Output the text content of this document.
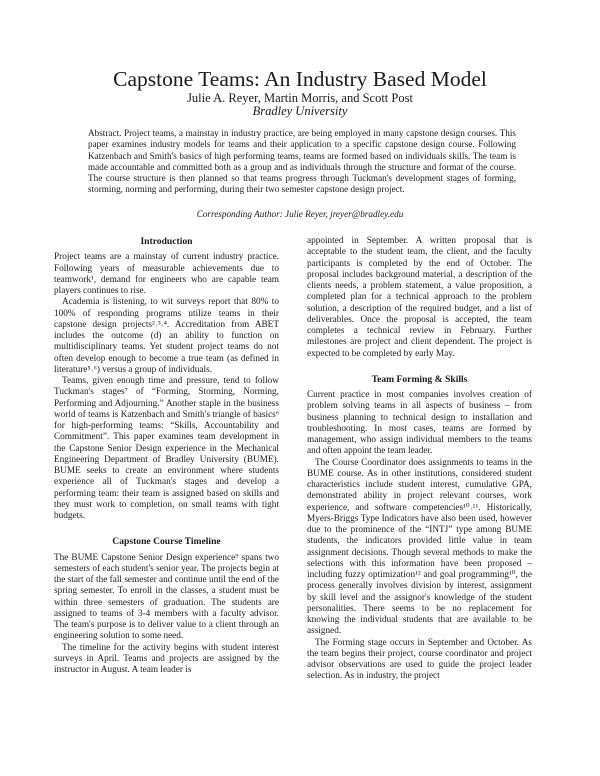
Capstone Teams: An Industry Based Model
Julie A. Reyer, Martin Morris, and Scott Post
Bradley University

Abstract. Project teams, a mainstay in industry practice, are being employed in many capstone design courses. This paper examines industry models for teams and their application to a specific capstone design course. Following Katzenbach and Smith's basics of high performing teams, teams are formed based on individuals skills. The team is made accountable and committed both as a group and as individuals through the structure and format of the course. The course structure is then planned so that teams progress through Tuckman's development stages of forming, storming, norming and performing, during their two semester capstone design project.

Corresponding Author: Julie Reyer, jreyer@bradley.edu
Introduction

Project teams are a mainstay of current industry practice. Following years of measurable achievements due to teamwork¹, demand for engineers who are capable team players continues to rise.

Academia is listening, to wit surveys report that 80% to 100% of responding programs utilize teams in their capstone design projects²˒³˒⁴. Accreditation from ABET includes the outcome (d) an ability to function on multidisciplinary teams. Yet student project teams do not often develop enough to become a true team (as defined in literature⁵˒⁶) versus a group of individuals.

Teams, given enough time and pressure, tend to follow Tuckman's stages⁷ of “Forming, Storming, Norming, Performing and Adjourning.” Another staple in the business world of teams is Katzenbach and Smith's triangle of basics⁶ for high-performing teams: “Skills, Accountability and Commitment”. This paper examines team development in the Capstone Senior Design experience in the Mechanical Engineering Department of Bradley University (BUME). BUME seeks to create an environment where students experience all of Tuckman's stages and develop a performing team: their team is assigned based on skills and they must work to completion, on small teams with tight budgets.

Capstone Course Timeline

The BUME Capstone Senior Design experience⁹ spans two semesters of each student's senior year. The projects begin at the start of the fall semester and continue until the end of the spring semester. To enroll in the classes, a student must be within three semesters of graduation. The students are assigned to teams of 3-4 members with a faculty advisor. The team's purpose is to deliver value to a client through an engineering solution to some need.

The timeline for the activity begins with student interest surveys in April. Teams and projects are assigned by the instructor in August. A team leader is

appointed in September. A written proposal that is acceptable to the student team, the client, and the faculty participants is completed by the end of October. The proposal includes background material, a description of the clients needs, a problem statement, a value proposition, a completed plan for a technical approach to the problem solution, a description of the required budget, and a list of deliverables. Once the proposal is accepted, the team completes a technical review in February. Further milestones are project and client dependent. The project is expected to be completed by early May.

Team Forming & Skills

Current practice in most companies involves creation of problem solving teams in all aspects of business – from business planning to technical design to installation and troubleshooting. In most cases, teams are formed by management, who assign individual members to the teams and often appoint the team leader.

The Course Coordinator does assignments to teams in the BUME course. As in other institutions, considered student characteristics include student interest, cumulative GPA, demonstrated ability in project relevant courses, work experience, and software competencies¹⁰˒¹¹. Historically, Myers-Briggs Type Indicators have also been used, however due to the prominence of the “INTJ” type among BUME students, the indicators provided little value in team assignment decisions. Though several methods to make the selections with this information have been proposed – including fuzzy optimization¹² and goal programming¹⁰, the process generally involves division by interest, assignment by skill level and the assignor's knowledge of the student personalities. There seems to be no replacement for knowing the individual students that are available to be assigned.

The Forming stage occurs in September and October. As the team begins their project, course coordinator and project advisor observations are used to guide the project leader selection. As in industry, the project
